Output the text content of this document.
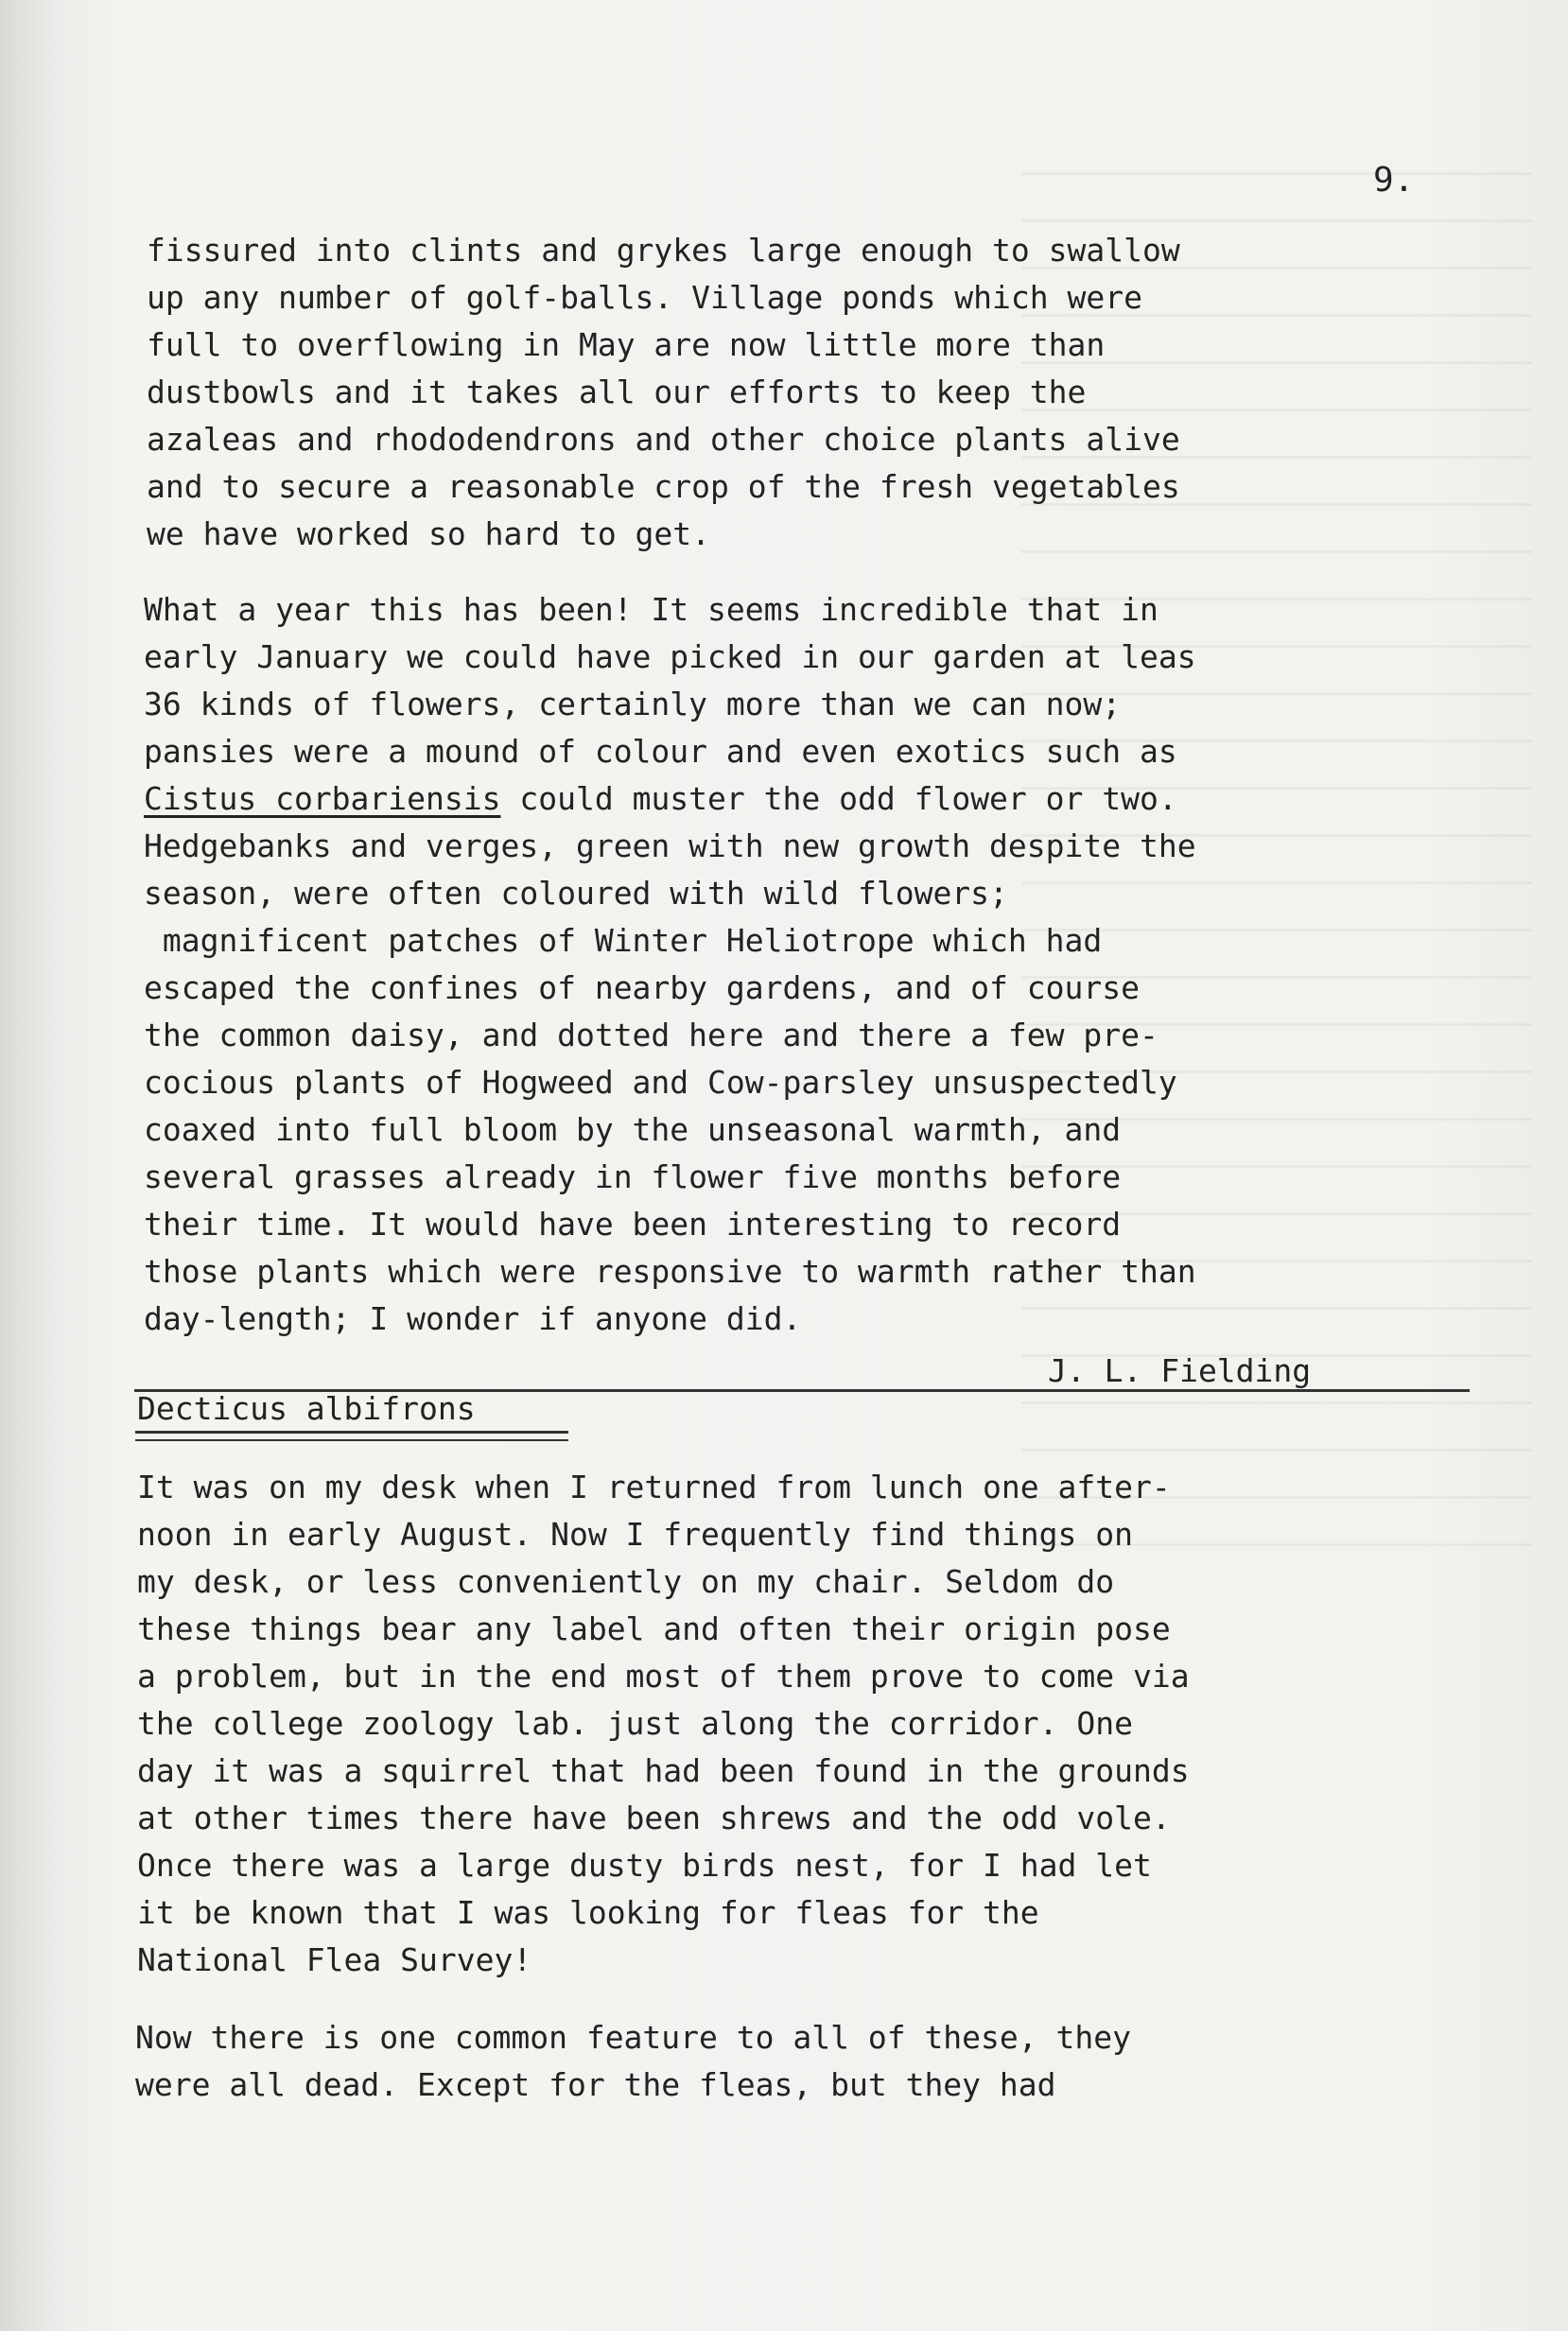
9.
fissured into clints and grykes large enough to swallow
up any number of golf-balls. Village ponds which were
full to overflowing in May are now little more than
dustbowls and it takes all our efforts to keep the
azaleas and rhododendrons and other choice plants alive
and to secure a reasonable crop of the fresh vegetables
we have worked so hard to get.
What a year this has been! It seems incredible that in
early January we could have picked in our garden at leas
36 kinds of flowers, certainly more than we can now;
pansies were a mound of colour and even exotics such as
Cistus corbariensis could muster the odd flower or two.
Hedgebanks and verges, green with new growth despite the
season, were often coloured with wild flowers;
magnificent patches of Winter Heliotrope which had
escaped the confines of nearby gardens, and of course
the common daisy, and dotted here and there a few pre-
cocious plants of Hogweed and Cow-parsley unsuspectedly
coaxed into full bloom by the unseasonal warmth, and
several grasses already in flower five months before
their time. It would have been interesting to record
those plants which were responsive to warmth rather than
day-length; I wonder if anyone did.
J. L. Fielding
Decticus albifrons
It was on my desk when I returned from lunch one after-
noon in early August. Now I frequently find things on
my desk, or less conveniently on my chair. Seldom do
these things bear any label and often their origin pose
a problem, but in the end most of them prove to come via
the college zoology lab. just along the corridor. One
day it was a squirrel that had been found in the grounds
at other times there have been shrews and the odd vole.
Once there was a large dusty birds nest, for I had let
it be known that I was looking for fleas for the
National Flea Survey!
Now there is one common feature to all of these, they
were all dead. Except for the fleas, but they had
